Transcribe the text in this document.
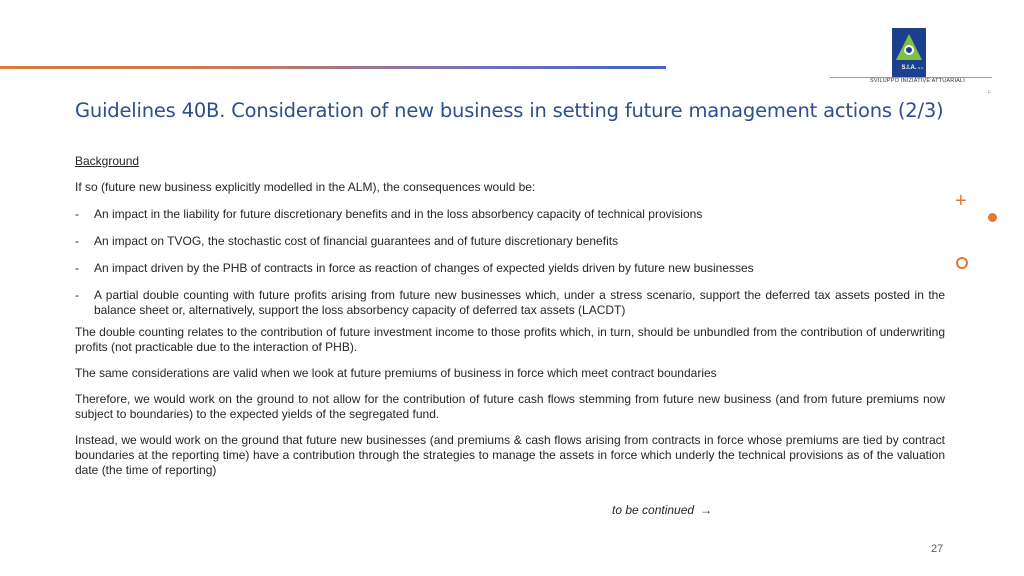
S.I.A. S.r.l.
SVILUPPO INIZIATIVE ATTUARIALI
F
Guidelines 40B. Consideration of new business in setting future management actions (2/3)

Background

If so (future new business explicitly modelled in the ALM), the consequences would be:

-	An impact in the liability for future discretionary benefits and in the loss absorbency capacity of technical provisions
-	An impact on TVOG, the stochastic cost of financial guarantees and of future discretionary benefits
-	An impact driven by the PHB of contracts in force as reaction of changes of expected yields driven by future new businesses
-	A partial double counting with future profits arising from future new businesses which, under a stress scenario, support the deferred tax assets posted in the balance sheet or, alternatively, support the loss absorbency capacity of deferred tax assets (LACDT)

The double counting relates to the contribution of future investment income to those profits which, in turn, should be unbundled from the contribution of underwriting profits (not practicable due to the interaction of PHB).

The same considerations are valid when we look at future premiums of business in force which meet contract boundaries

Therefore, we would work on the ground to not allow for the contribution of future cash flows stemming from future new business (and from future premiums now subject to boundaries) to the expected yields of the segregated fund.

Instead, we would work on the ground that future new businesses (and premiums & cash flows arising from contracts in force whose premiums are tied by contract boundaries at the reporting time) have a contribution through the strategies to manage the assets in force which underly the technical provisions as of the valuation date (the time of reporting)

to be continued →
+
27
